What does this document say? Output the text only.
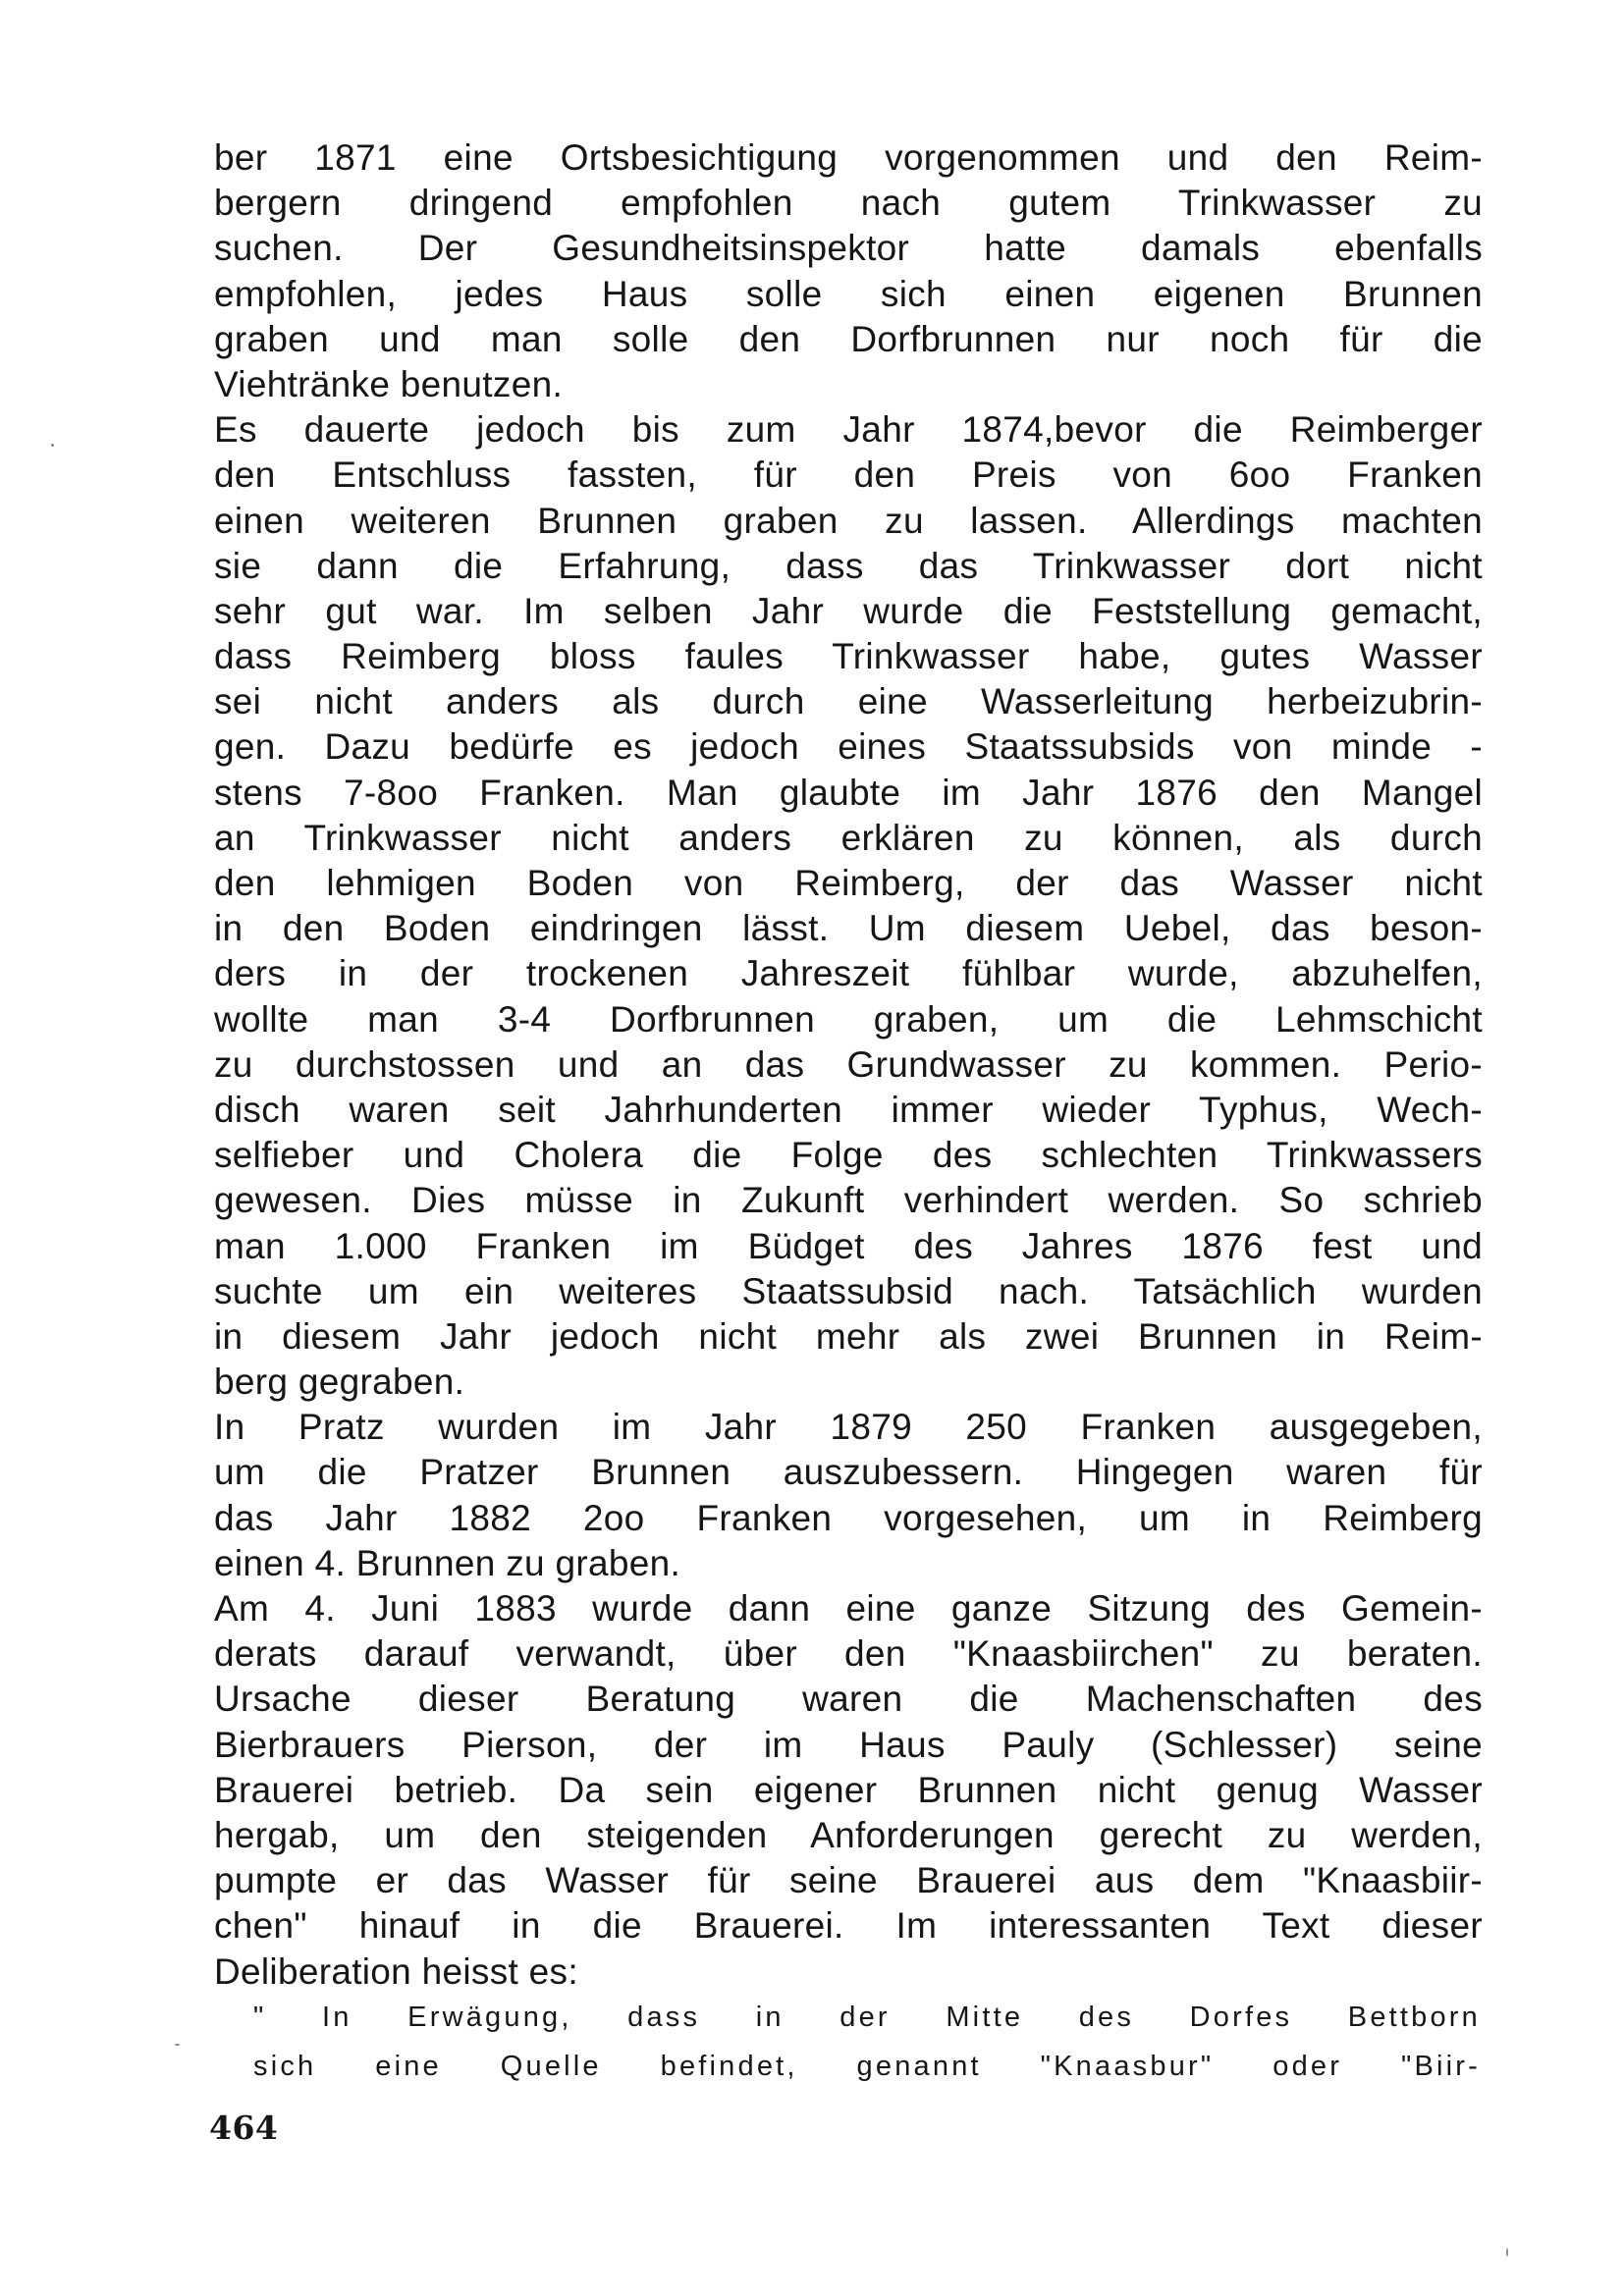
ber 1871 eine Ortsbesichtigung vorgenommen und den Reim-
bergern dringend empfohlen nach gutem Trinkwasser zu
suchen. Der Gesundheitsinspektor hatte damals ebenfalls
empfohlen, jedes Haus solle sich einen eigenen Brunnen
graben und man solle den Dorfbrunnen nur noch für die
Viehtränke benutzen.
Es dauerte jedoch bis zum Jahr 1874,bevor die Reimberger
den Entschluss fassten, für den Preis von 6oo Franken
einen weiteren Brunnen graben zu lassen. Allerdings machten
sie dann die Erfahrung, dass das Trinkwasser dort nicht
sehr gut war. Im selben Jahr wurde die Feststellung gemacht,
dass Reimberg bloss faules Trinkwasser habe, gutes Wasser
sei nicht anders als durch eine Wasserleitung herbeizubrin-
gen. Dazu bedürfe es jedoch eines Staatssubsids von minde -
stens 7-8oo Franken. Man glaubte im Jahr 1876 den Mangel
an Trinkwasser nicht anders erklären zu können, als durch
den lehmigen Boden von Reimberg, der das Wasser nicht
in den Boden eindringen lässt. Um diesem Uebel, das beson-
ders in der trockenen Jahreszeit fühlbar wurde, abzuhelfen,
wollte man 3-4 Dorfbrunnen graben, um die Lehmschicht
zu durchstossen und an das Grundwasser zu kommen. Perio-
disch waren seit Jahrhunderten immer wieder Typhus, Wech-
selfieber und Cholera die Folge des schlechten Trinkwassers
gewesen. Dies müsse in Zukunft verhindert werden. So schrieb
man 1.000 Franken im Büdget des Jahres 1876 fest und
suchte um ein weiteres Staatssubsid nach. Tatsächlich wurden
in diesem Jahr jedoch nicht mehr als zwei Brunnen in Reim-
berg gegraben.
In Pratz wurden im Jahr 1879 250 Franken ausgegeben,
um die Pratzer Brunnen auszubessern. Hingegen waren für
das Jahr 1882 2oo Franken vorgesehen, um in Reimberg
einen 4. Brunnen zu graben.
Am 4. Juni 1883 wurde dann eine ganze Sitzung des Gemein-
derats darauf verwandt, über den "Knaasbiirchen" zu beraten.
Ursache dieser Beratung waren die Machenschaften des
Bierbrauers Pierson, der im Haus Pauly (Schlesser) seine
Brauerei betrieb. Da sein eigener Brunnen nicht genug Wasser
hergab, um den steigenden Anforderungen gerecht zu werden,
pumpte er das Wasser für seine Brauerei aus dem "Knaasbiir-
chen" hinauf in die Brauerei. Im interessanten Text dieser
Deliberation heisst es:
" In Erwägung, dass in der Mitte des Dorfes Bettborn
sich eine Quelle befindet, genannt "Knaasbur" oder "Biir-
464
